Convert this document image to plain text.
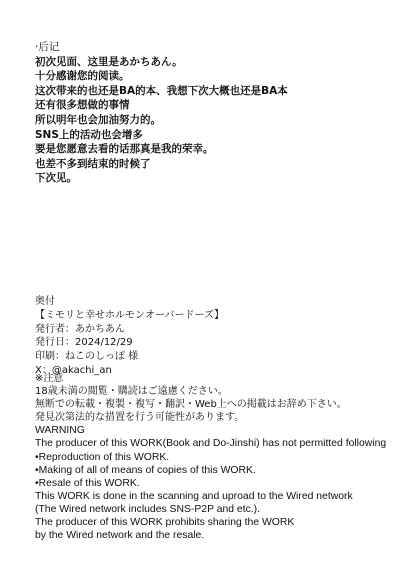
·后记
初次见面、这里是あかちあん。
十分感谢您的阅读。
这次带来的也还是BA的本、我想下次大概也还是BA本
还有很多想做的事情
所以明年也会加油努力的。
SNS上的活动也会增多
要是您愿意去看的话那真是我的荣幸。
也差不多到结束的时候了
下次见。
奥付
【ミモリと幸せホルモンオーバードーズ】
発行者：あかちあん
発行日：2024/12/29
印刷：ねこのしっぽ 様
X：@akachi_an
※注意
18歳未満の閲覧・購読はご遠慮ください。
無断での転載・複製・複写・翻訳・Web上への掲載はお辞め下さい。
発見次第法的な措置を行う可能性があります。
WARNING
The producer of this WORK(Book and Do-Jinshi) has not permitted following
•Reproduction of this WORK.
•Making of all of means of copies of this WORK.
•Resale of this WORK.
This WORK is done in the scanning and uproad to the Wired network
(The Wired network includes SNS-P2P and etc.).
The producer of this WORK prohibits sharing the WORK
by the Wired network and the resale.
